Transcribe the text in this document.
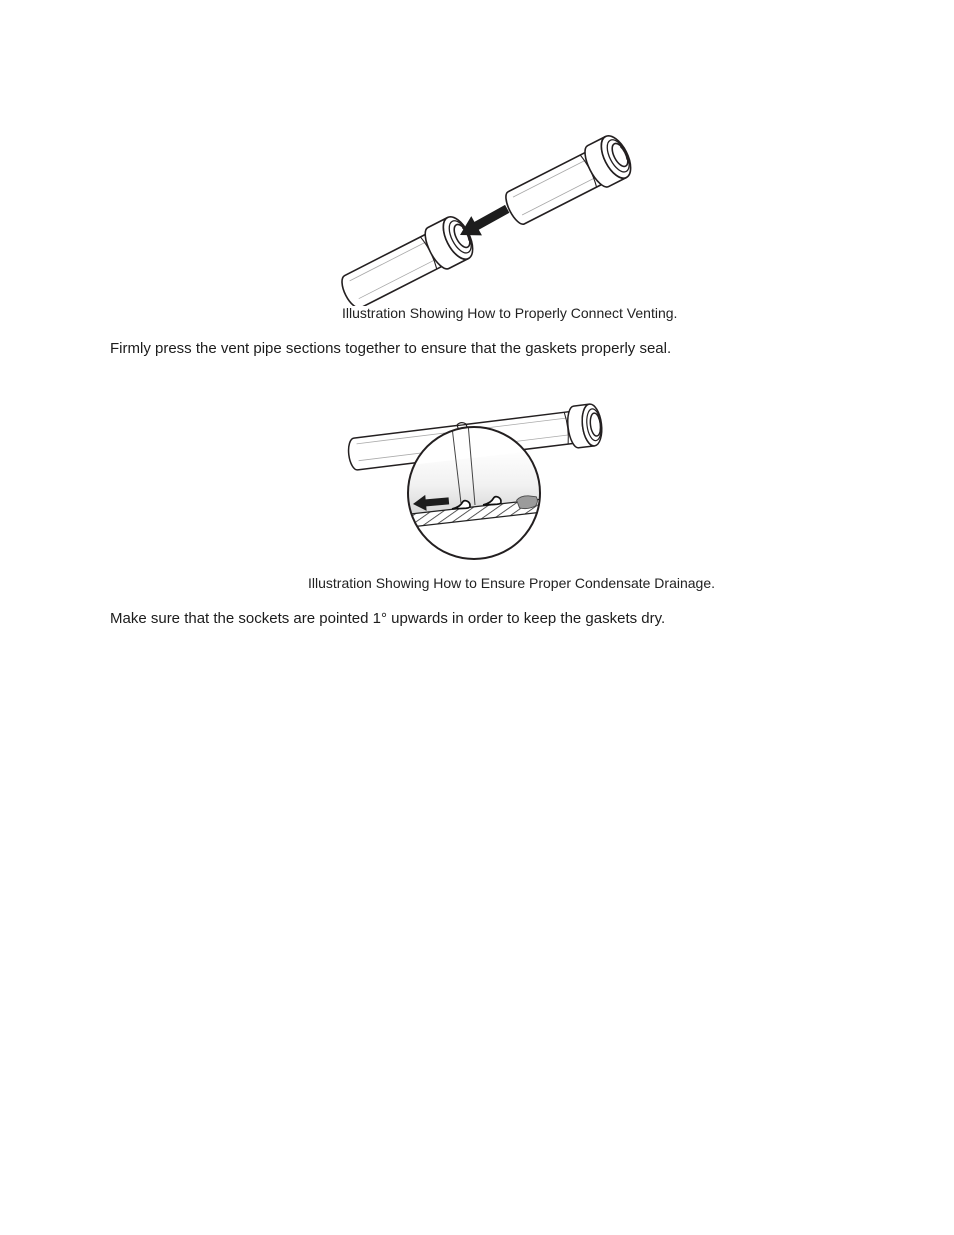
Illustration Showing How to Properly Connect Venting.
Firmly press the vent pipe sections together to ensure that the gaskets properly seal.
Illustration Showing How to Ensure Proper Condensate Drainage.
Make sure that the sockets are pointed 1° upwards in order to keep the gaskets dry.
